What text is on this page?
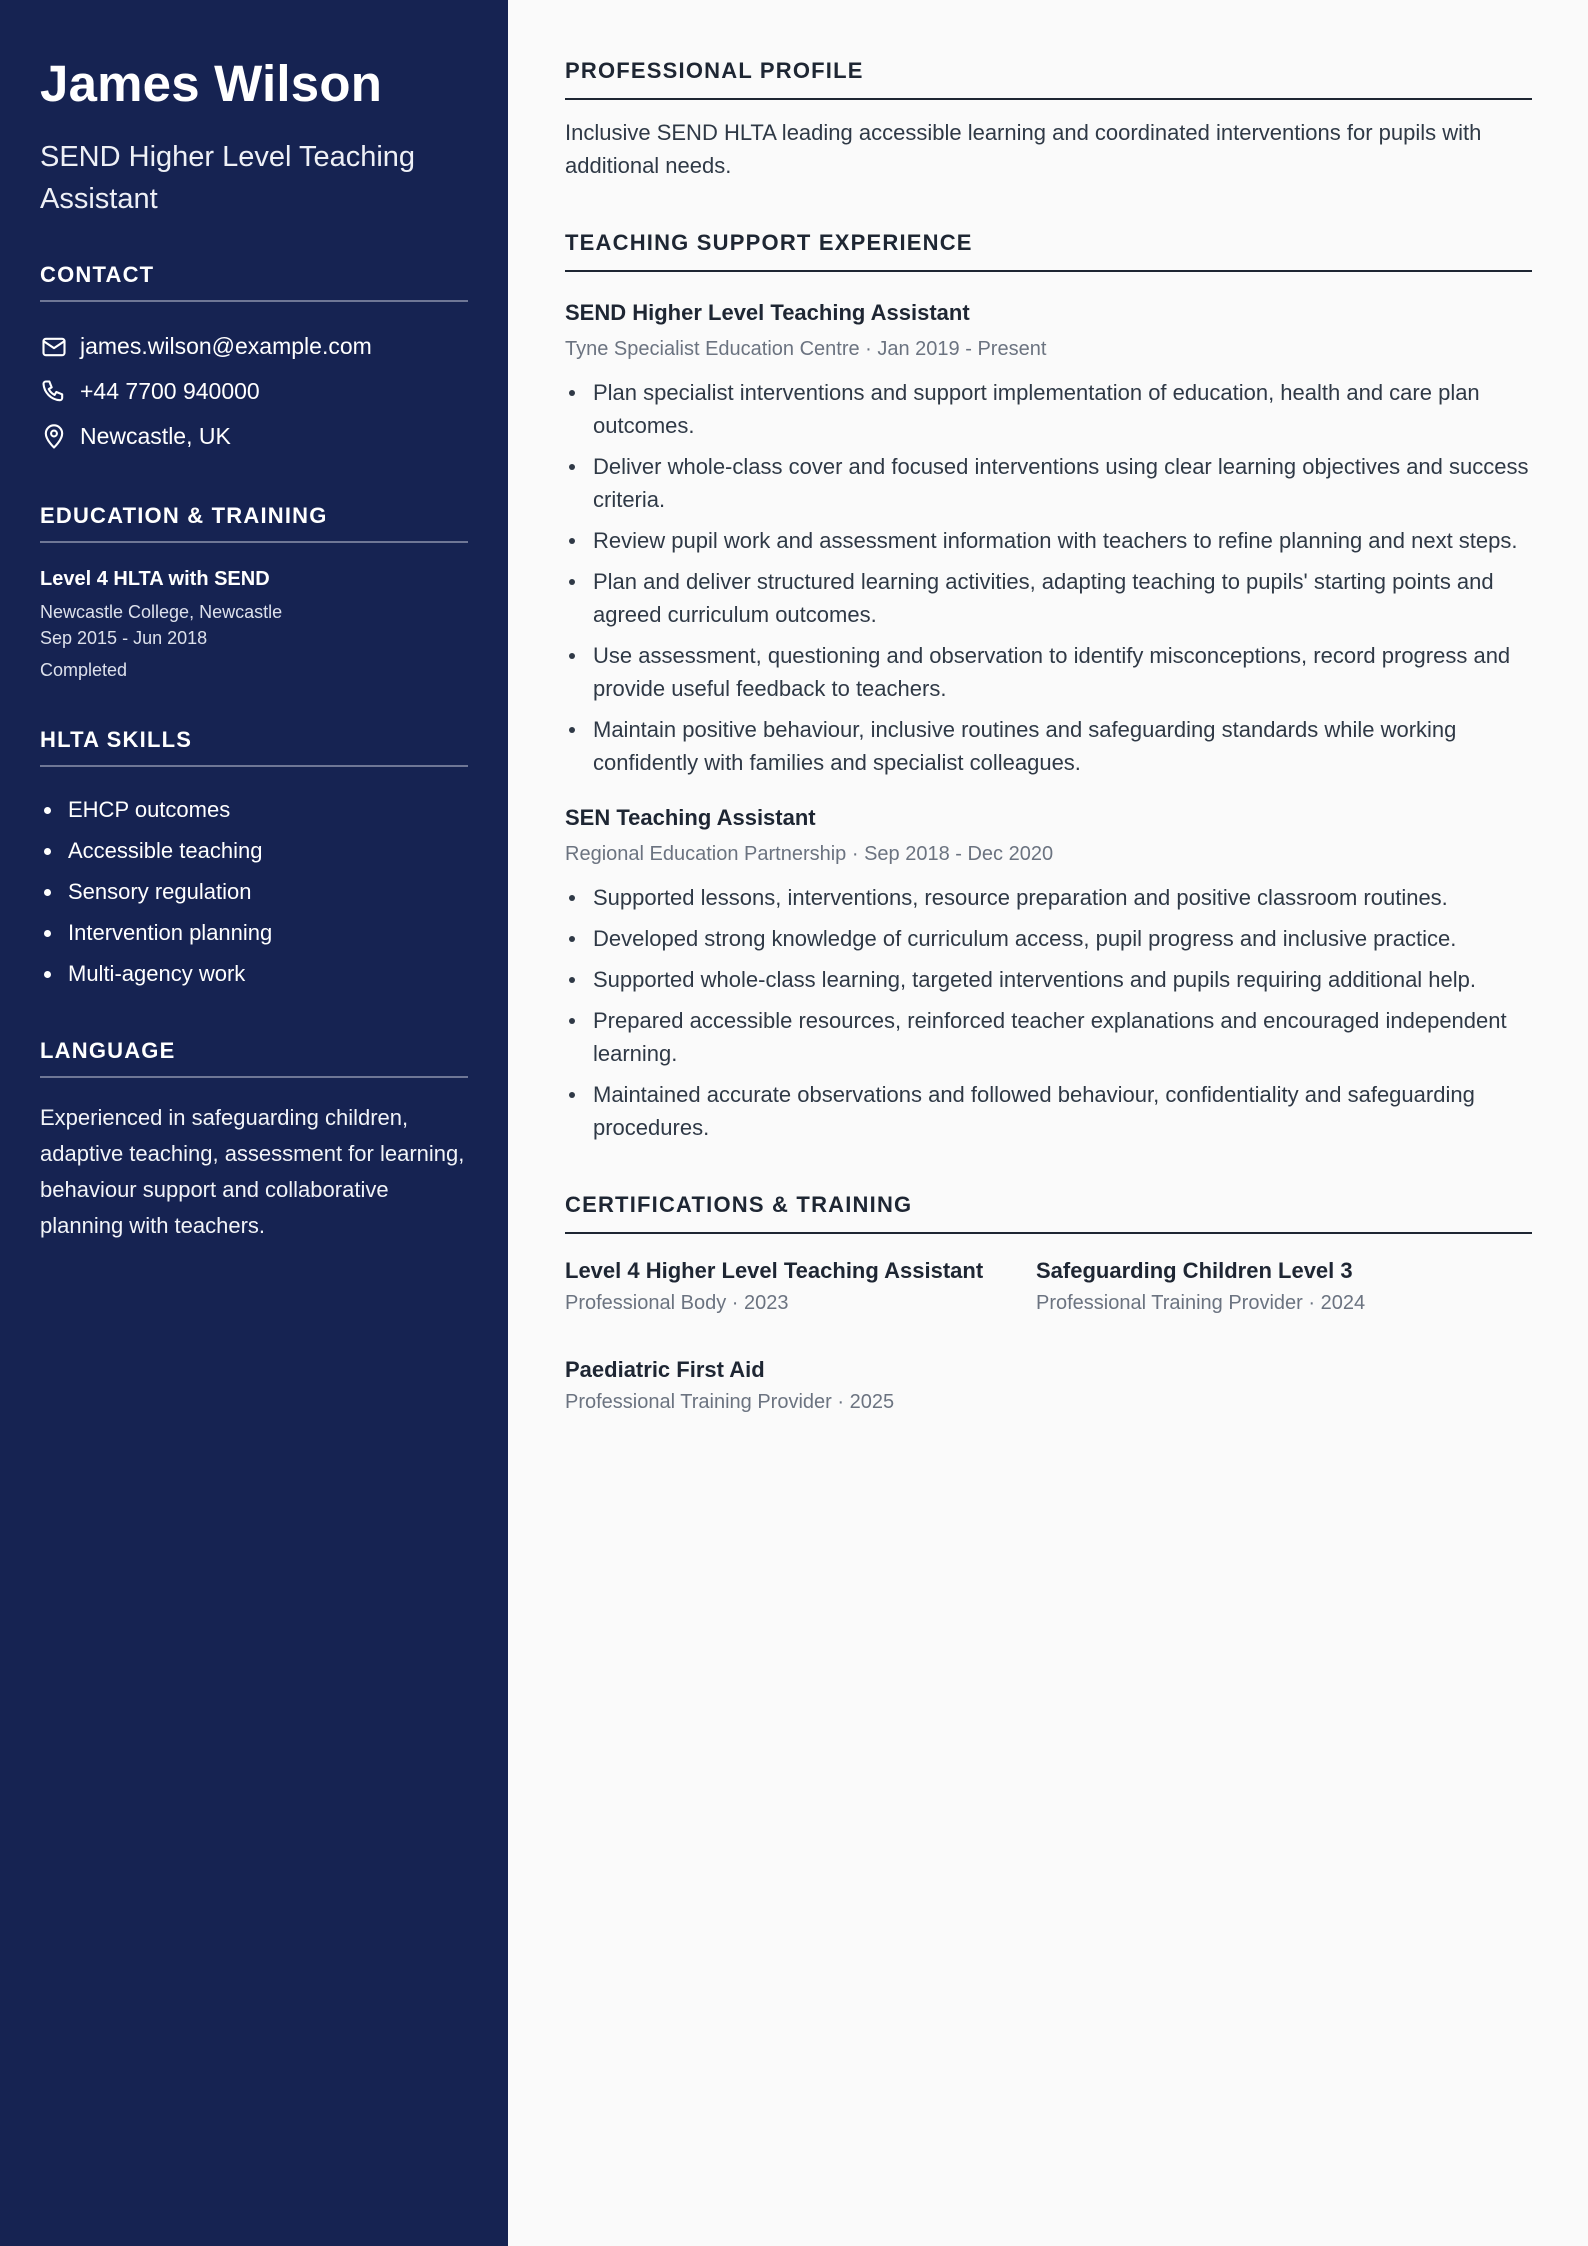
James Wilson
SEND Higher Level Teaching Assistant
CONTACT
james.wilson@example.com
+44 7700 940000
Newcastle, UK
EDUCATION & TRAINING
Level 4 HLTA with SEND
Newcastle College, Newcastle
Sep 2015 - Jun 2018
Completed
HLTA SKILLS
EHCP outcomes
Accessible teaching
Sensory regulation
Intervention planning
Multi-agency work
LANGUAGE

Experienced in safeguarding children, adaptive teaching, assessment for learning, behaviour support and collaborative planning with teachers.

PROFESSIONAL PROFILE

Inclusive SEND HLTA leading accessible learning and coordinated interventions for pupils with additional needs.

TEACHING SUPPORT EXPERIENCE
SEND Higher Level Teaching Assistant
Tyne Specialist Education Centre · Jan 2019 - Present
Plan specialist interventions and support implementation of education, health and care plan outcomes.
Deliver whole-class cover and focused interventions using clear learning objectives and success criteria.
Review pupil work and assessment information with teachers to refine planning and next steps.
Plan and deliver structured learning activities, adapting teaching to pupils' starting points and agreed curriculum outcomes.
Use assessment, questioning and observation to identify misconceptions, record progress and provide useful feedback to teachers.
Maintain positive behaviour, inclusive routines and safeguarding standards while working confidently with families and specialist colleagues.
SEN Teaching Assistant
Regional Education Partnership · Sep 2018 - Dec 2020
Supported lessons, interventions, resource preparation and positive classroom routines.
Developed strong knowledge of curriculum access, pupil progress and inclusive practice.
Supported whole-class learning, targeted interventions and pupils requiring additional help.
Prepared accessible resources, reinforced teacher explanations and encouraged independent learning.
Maintained accurate observations and followed behaviour, confidentiality and safeguarding procedures.
CERTIFICATIONS & TRAINING
Level 4 Higher Level Teaching Assistant
Professional Body · 2023
Safeguarding Children Level 3
Professional Training Provider · 2024
Paediatric First Aid
Professional Training Provider · 2025
